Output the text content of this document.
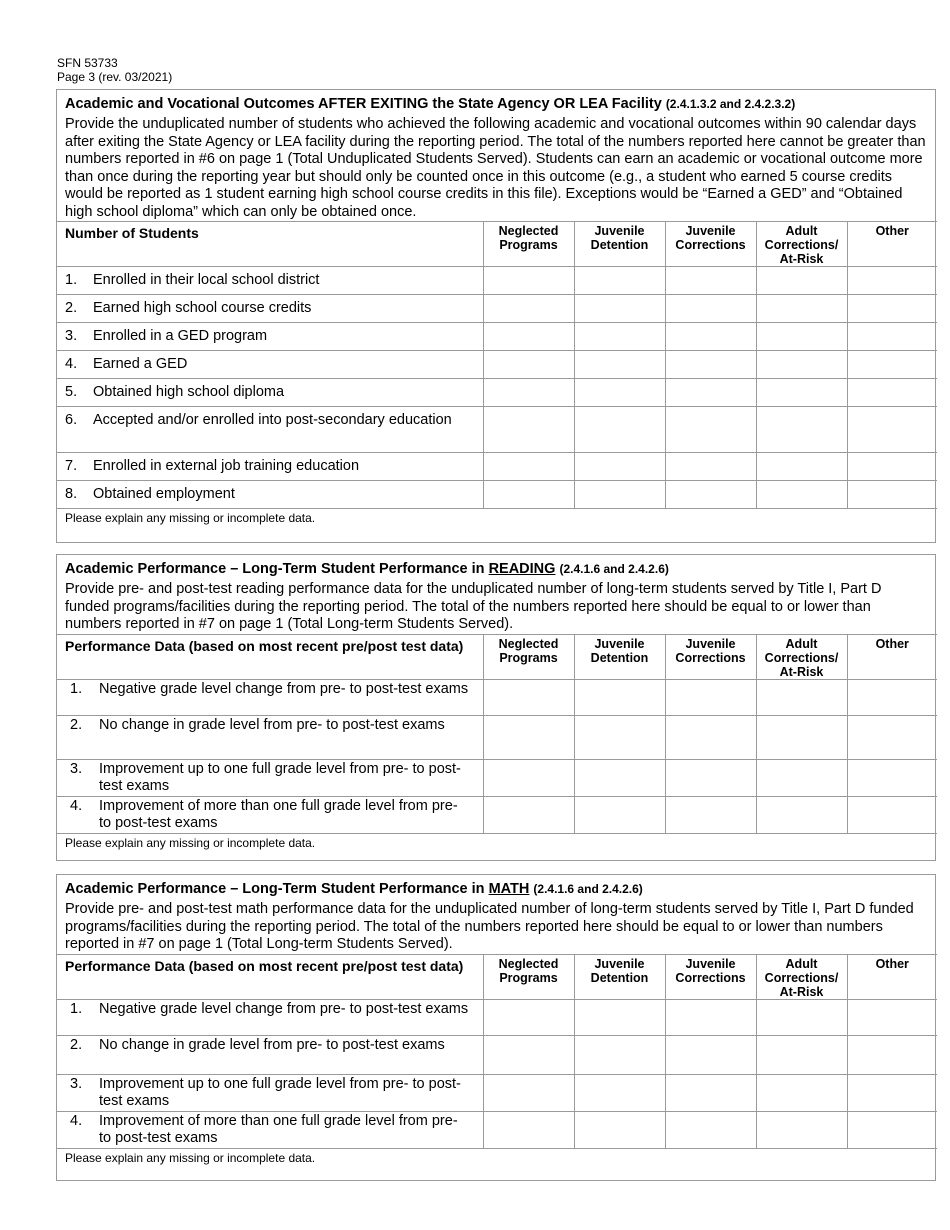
SFN 53733
Page 3 (rev. 03/2021)
Academic and Vocational Outcomes AFTER EXITING the State Agency OR LEA Facility (2.4.1.3.2 and 2.4.2.3.2)
Provide the unduplicated number of students who achieved the following academic and vocational outcomes within 90 calendar days after exiting the State Agency or LEA facility during the reporting period. The total of the numbers reported here cannot be greater than numbers reported in #6 on page 1 (Total Unduplicated Students Served). Students can earn an academic or vocational outcome more than once during the reporting year but should only be counted once in this outcome (e.g., a student who earned 5 course credits would be reported as 1 student earning high school course credits in this file). Exceptions would be “Earned a GED” and “Obtained high school diploma” which can only be obtained once.
Number of Students	Neglected Programs	Juvenile Detention	Juvenile Corrections	Adult Corrections/ At-Risk	Other
1. Enrolled in their local school district					
2. Earned high school course credits					
3. Enrolled in a GED program					
4. Earned a GED					
5. Obtained high school diploma					
6. Accepted and/or enrolled into post-secondary education					
7. Enrolled in external job training education					
8. Obtained employment					
Please explain any missing or incomplete data.
Academic Performance – Long-Term Student Performance in READING (2.4.1.6 and 2.4.2.6)
Provide pre- and post-test reading performance data for the unduplicated number of long-term students served by Title I, Part D funded programs/facilities during the reporting period. The total of the numbers reported here should be equal to or lower than numbers reported in #7 on page 1 (Total Long-term Students Served).
Performance Data (based on most recent pre/post test data)	Neglected Programs	Juvenile Detention	Juvenile Corrections	Adult Corrections/ At-Risk	Other
1. Negative grade level change from pre- to post-test exams					
2. No change in grade level from pre- to post-test exams					
3. Improvement up to one full grade level from pre- to post-test exams					
4. Improvement of more than one full grade level from pre- to post-test exams					
Please explain any missing or incomplete data.
Academic Performance – Long-Term Student Performance in MATH (2.4.1.6 and 2.4.2.6)
Provide pre- and post-test math performance data for the unduplicated number of long-term students served by Title I, Part D funded programs/facilities during the reporting period. The total of the numbers reported here should be equal to or lower than numbers reported in #7 on page 1 (Total Long-term Students Served).
Performance Data (based on most recent pre/post test data)	Neglected Programs	Juvenile Detention	Juvenile Corrections	Adult Corrections/ At-Risk	Other
1. Negative grade level change from pre- to post-test exams					
2. No change in grade level from pre- to post-test exams					
3. Improvement up to one full grade level from pre- to post-test exams					
4. Improvement of more than one full grade level from pre- to post-test exams					
Please explain any missing or incomplete data.
